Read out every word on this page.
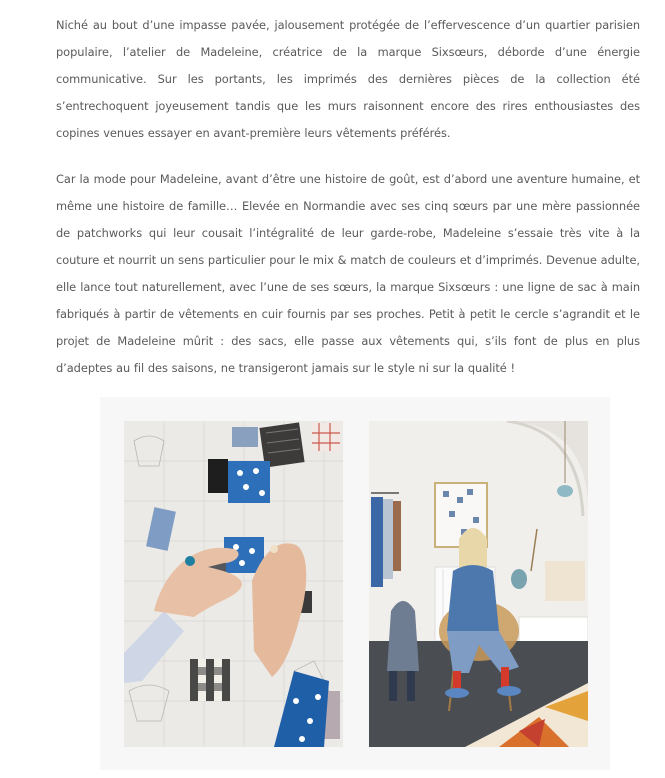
Niché au bout d’une impasse pavée, jalousement protégée de l’effervescence d’un quartier parisien populaire, l’atelier de Madeleine, créatrice de la marque Sixsœurs, déborde d’une énergie communicative. Sur les portants, les imprimés des dernières pièces de la collection été s’entrechoquent joyeusement tandis que les murs raisonnent encore des rires enthousiastes des copines venues essayer en avant-première leurs vêtements préférés.

Car la mode pour Madeleine, avant d’être une histoire de goût, est d’abord une aventure humaine, et même une histoire de famille… Elevée en Normandie avec ses cinq sœurs par une mère passionnée de patchworks qui leur cousait l’intégralité de leur garde-robe, Madeleine s’essaie très vite à la couture et nourrit un sens particulier pour le mix & match de couleurs et d’imprimés. Devenue adulte, elle lance tout naturellement, avec l’une de ses sœurs, la marque Sixsœurs : une ligne de sac à main fabriqués à partir de vêtements en cuir fournis par ses proches. Petit à petit le cercle s’agrandit et le projet de Madeleine mûrit : des sacs, elle passe aux vêtements qui, s’ils font de plus en plus d’adeptes au fil des saisons, ne transigeront jamais sur le style ni sur la qualité !
